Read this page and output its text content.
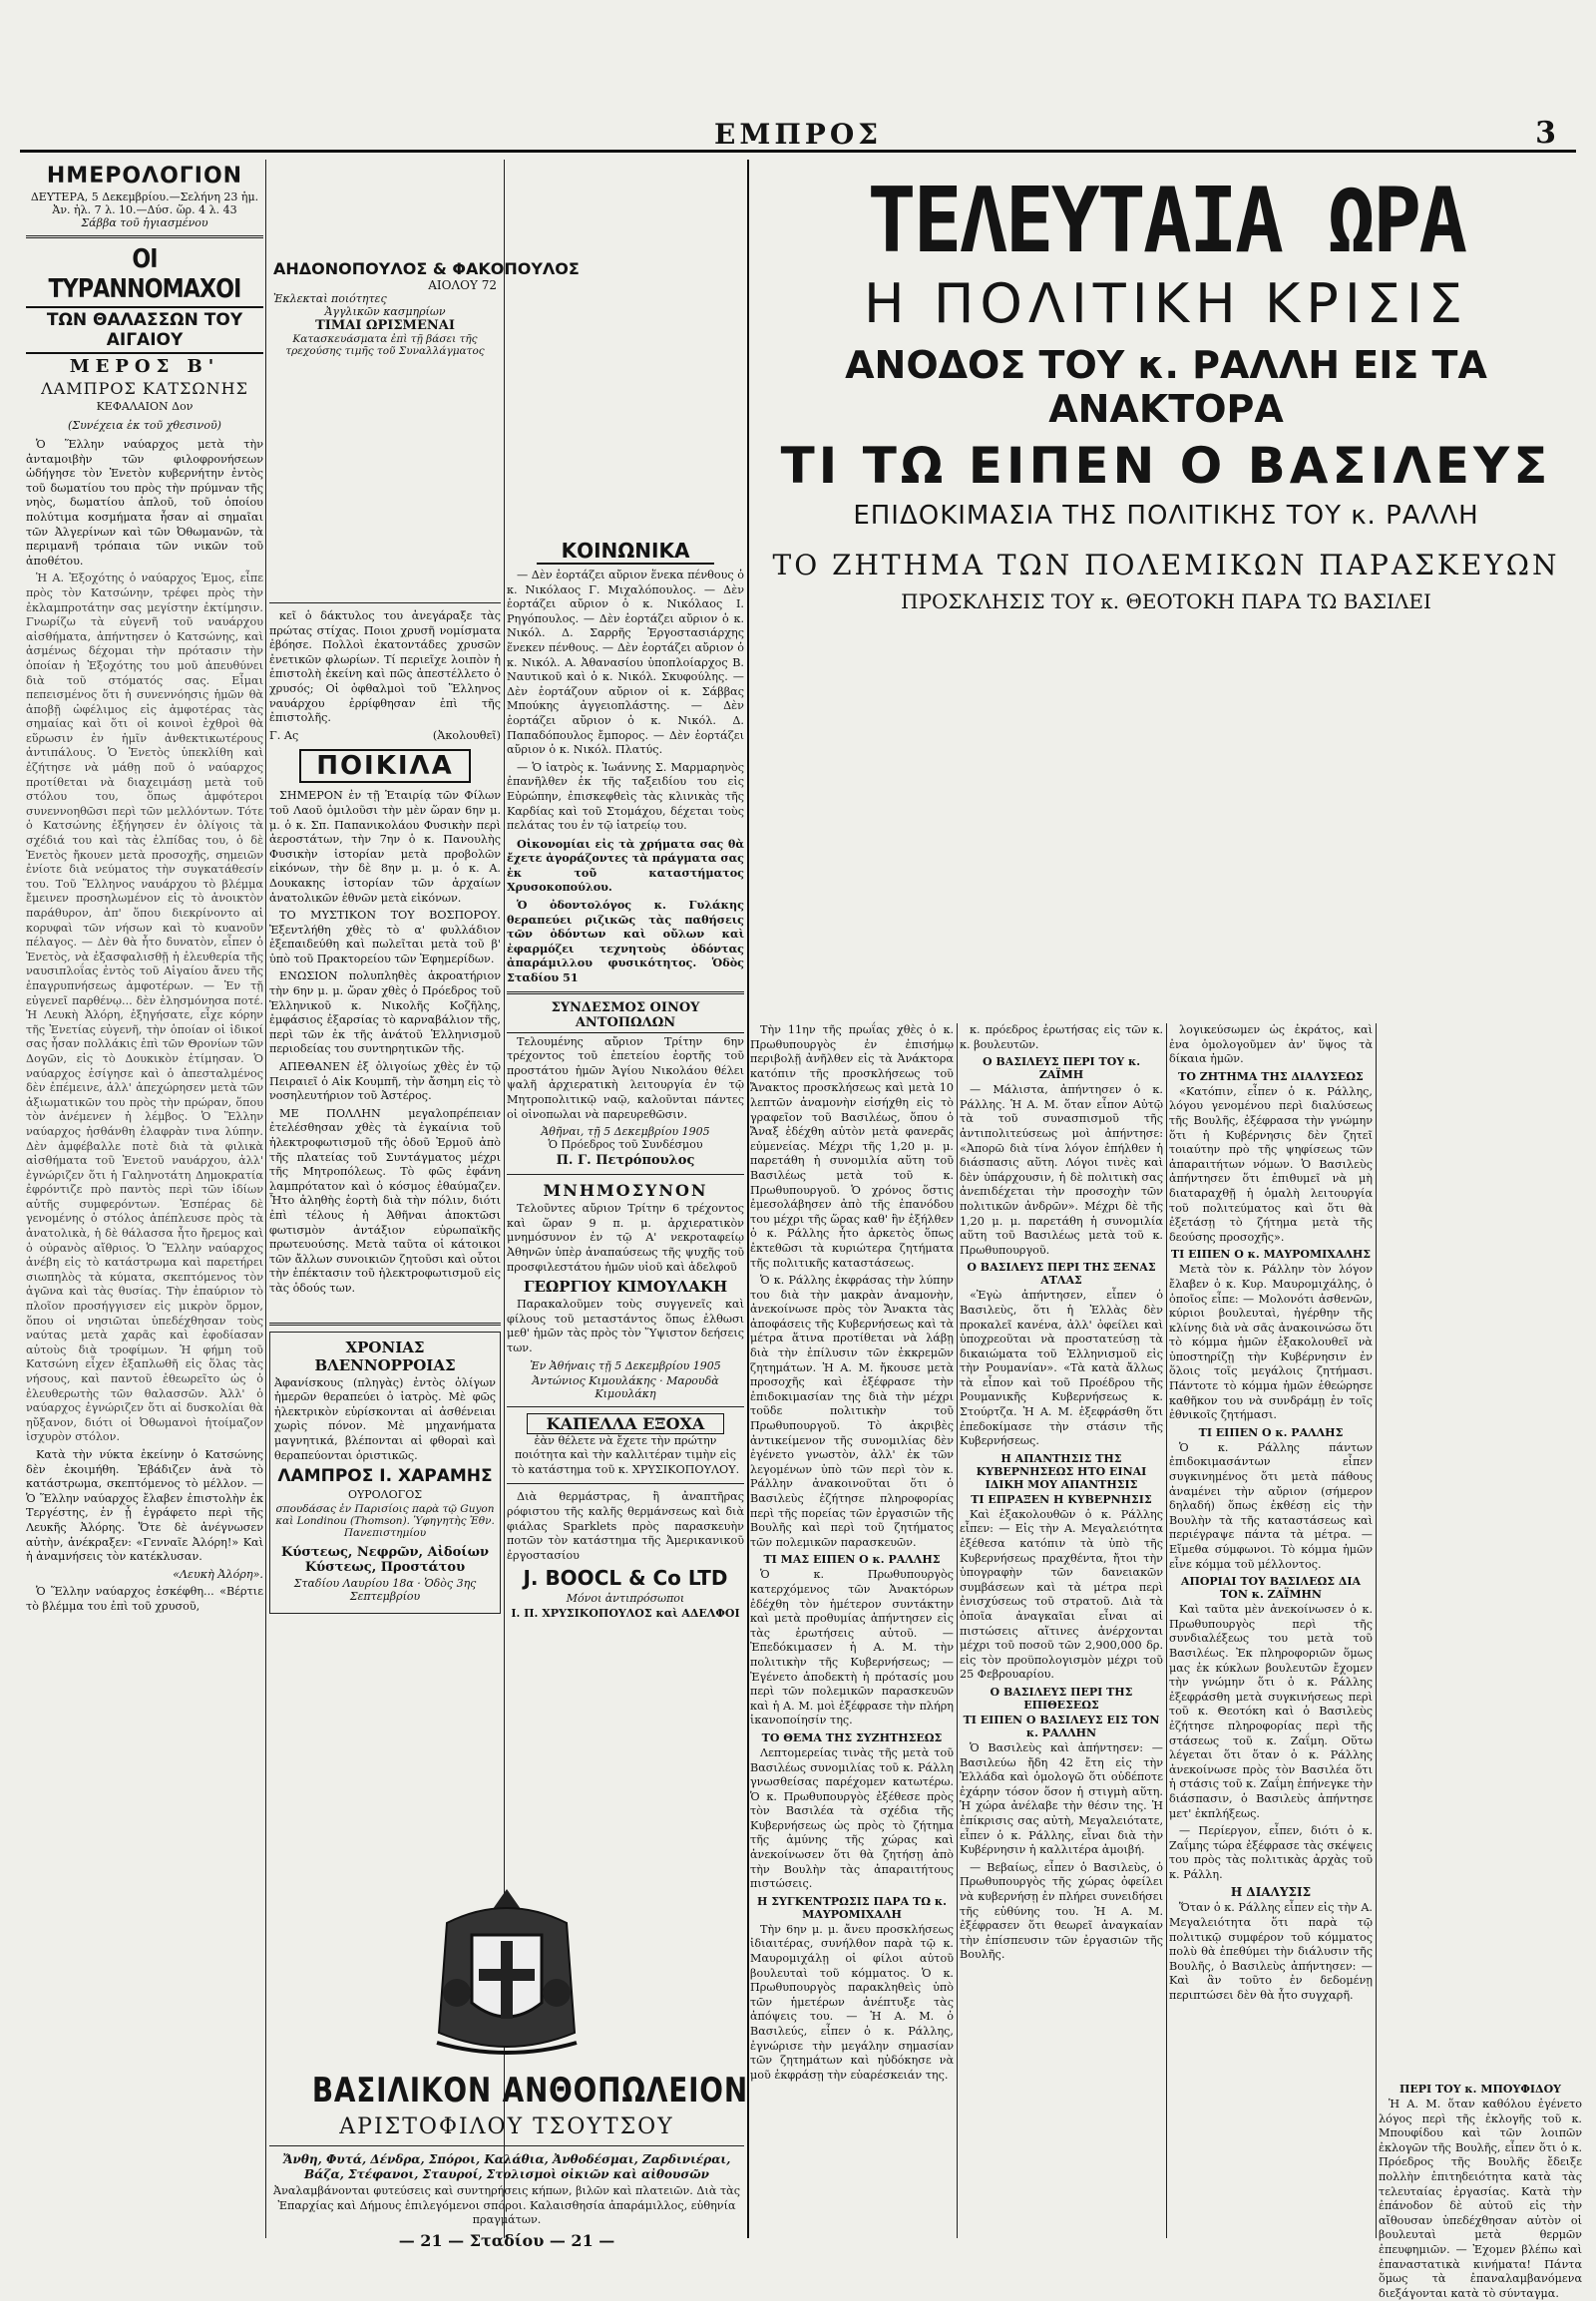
ΕΜΠΡΟΣ	3
ΗΜΕΡΟΛΟΓΙΟΝ
ΔΕΥΤΕΡΑ, 5 Δεκεμβρίου.—Σελήνη 23 ἡμ.
Ἀν. ἡλ. 7 λ. 10.—Δύσ. ὥρ. 4 λ. 43
Σάββα τοῦ ἡγιασμένου
ΟΙ ΤΥΡΑΝΝΟΜΑΧΟΙ
ΤΩΝ ΘΑΛΑΣΣΩΝ ΤΟΥ ΑΙΓΑΙΟΥ
ΜΕΡΟΣ Β'
ΛΑΜΠΡΟΣ ΚΑΤΣΩΝΗΣ
ΚΕΦΑΛΑΙΟΝ Δον
(Συνέχεια ἐκ τοῦ χθεσινοῦ)
Ὁ Ἕλλην ναύαρχος μετὰ τὴν ἀνταμοιβὴν τῶν φιλοφρονήσεων ὡδήγησε τὸν Ἑνετὸν κυβερνήτην ἐντὸς τοῦ δωματίου του πρὸς τὴν πρύμναν τῆς νηὸς, δωματίου ἁπλοῦ, τοῦ ὁποίου πολύτιμα κοσμήματα ἦσαν αἱ σημαῖαι τῶν Ἀλγερίνων καὶ τῶν Ὀθωμανῶν, τὰ περιμανῆ τρόπαια τῶν νικῶν τοῦ ἀποθέτου.
Ἡ Α. Ἐξοχότης ὁ ναύαρχος Ἐμος, εἶπε πρὸς τὸν Κατσώνην, τρέφει πρὸς τὴν ἐκλαμπροτάτην σας μεγίστην ἐκτίμησιν. Γνωρίζω τὰ εὐγενῆ τοῦ ναυάρχου αἰσθήματα, ἀπήντησεν ὁ Κατσώνης, καὶ ἀσμένως δέχομαι τὴν πρότασιν τὴν ὁποίαν ἡ Ἐξοχότης του μοῦ ἀπευθύνει διὰ τοῦ στόματός σας. Εἶμαι πεπεισμένος ὅτι ἡ συνεννόησις ἡμῶν θὰ ἀποβῇ ὠφέλιμος εἰς ἀμφοτέρας τὰς σημαίας καὶ ὅτι οἱ κοινοὶ ἐχθροὶ θὰ εὕρωσιν ἐν ἡμῖν ἀνθεκτικωτέρους ἀντιπάλους. Ὁ Ἑνετὸς ὑπεκλίθη καὶ ἐζήτησε νὰ μάθῃ ποῦ ὁ ναύαρχος προτίθεται νὰ διαχειμάσῃ μετὰ τοῦ στόλου του, ὅπως ἀμφότεροι συνεννοηθῶσι περὶ τῶν μελλόντων. Τότε ὁ Κατσώνης ἐξήγησεν ἐν ὀλίγοις τὰ σχέδιά του καὶ τὰς ἐλπίδας του, ὁ δὲ Ἑνετὸς ἤκουεν μετὰ προσοχῆς, σημειῶν ἐνίοτε διὰ νεύματος τὴν συγκατάθεσίν του. Τοῦ Ἕλληνος ναυάρχου τὸ βλέμμα ἔμεινεν προσηλωμένον εἰς τὸ ἀνοικτὸν παράθυρον, ἀπ' ὅπου διεκρίνοντο αἱ κορυφαὶ τῶν νήσων καὶ τὸ κυανοῦν πέλαγος. — Δὲν θὰ ἦτο δυνατὸν, εἶπεν ὁ Ἑνετὸς, νὰ ἐξασφαλισθῇ ἡ ἐλευθερία τῆς ναυσιπλοΐας ἐντὸς τοῦ Αἰγαίου ἄνευ τῆς ἐπαγρυπνήσεως ἀμφοτέρων. — Ἐν τῇ εὐγενεῖ παρθένῳ... δὲν ἐλησμόνησα ποτέ. Ἡ Λευκὴ Ἀλόρη, ἐξηγήσατε, εἶχε κόρην τῆς Ἑνετίας εὐγενῆ, τὴν ὁποίαν οἱ ἰδικοί σας ἦσαν πολλάκις ἐπὶ τῶν Θρονίων τῶν Δογῶν, εἰς τὸ Δουκικὸν ἐτίμησαν. Ὁ ναύαρχος ἐσίγησε καὶ ὁ ἀπεσταλμένος δὲν ἐπέμεινε, ἀλλ' ἀπεχώρησεν μετὰ τῶν ἀξιωματικῶν του πρὸς τὴν πρώραν, ὅπου τὸν ἀνέμενεν ἡ λέμβος. Ὁ Ἕλλην ναύαρχος ἠσθάνθη ἐλαφρὰν τινα λύπην. Δὲν ἀμφέβαλλε ποτὲ διὰ τὰ φιλικὰ αἰσθήματα τοῦ Ἑνετοῦ ναυάρχου, ἀλλ' ἐγνώριζεν ὅτι ἡ Γαληνοτάτη Δημοκρατία ἐφρόντιζε πρὸ παντὸς περὶ τῶν ἰδίων αὐτῆς συμφερόντων. Ἐσπέρας δὲ γενομένης ὁ στόλος ἀπέπλευσε πρὸς τὰ ἀνατολικὰ, ἡ δὲ θάλασσα ἦτο ἤρεμος καὶ ὁ οὐρανὸς αἴθριος. Ὁ Ἕλλην ναύαρχος ἀνέβη εἰς τὸ κατάστρωμα καὶ παρετήρει σιωπηλὸς τὰ κύματα, σκεπτόμενος τὸν ἀγῶνα καὶ τὰς θυσίας. Τὴν ἐπαύριον τὸ πλοῖον προσήγγισεν εἰς μικρὸν ὅρμον, ὅπου οἱ νησιῶται ὑπεδέχθησαν τοὺς ναύτας μετὰ χαρᾶς καὶ ἐφοδίασαν αὐτοὺς διὰ τροφίμων. Ἡ φήμη τοῦ Κατσώνη εἶχεν ἐξαπλωθῆ εἰς ὅλας τὰς νήσους, καὶ παντοῦ ἐθεωρεῖτο ὡς ὁ ἐλευθερωτὴς τῶν θαλασσῶν. Ἀλλ' ὁ ναύαρχος ἐγνώριζεν ὅτι αἱ δυσκολίαι θὰ ηὔξανον, διότι οἱ Ὀθωμανοὶ ἡτοίμαζον ἰσχυρὸν στόλον.
Κατὰ τὴν νύκτα ἐκείνην ὁ Κατσώνης δὲν ἐκοιμήθη. Ἐβάδιζεν ἀνὰ τὸ κατάστρωμα, σκεπτόμενος τὸ μέλλον. — Ὁ Ἕλλην ναύαρχος ἔλαβεν ἐπιστολὴν ἐκ Τεργέστης, ἐν ᾗ ἐγράφετο περὶ τῆς Λευκῆς Ἀλόρης. Ὅτε δὲ ἀνέγνωσεν αὐτὴν, ἀνέκραξεν: «Γενναῖε Ἀλόρη!» Καὶ ἡ ἀναμνήσεις τὸν κατέκλυσαν.
«Λευκὴ Ἀλόρη».
Ὁ Ἕλλην ναύαρχος ἐσκέφθη... «Βέρτιε τὸ βλέμμα του ἐπὶ τοῦ χρυσοῦ,
ΑΗΔΟΝΟΠΟΥΛΟΣ & ΦΑΚΟΠΟΥΛΟΣ
ΑΙΟΛΟΥ 72
Ἐκλεκταὶ ποιότητες
Ἀγγλικῶν κασμηρίων
ΤΙΜΑΙ ΩΡΙΣΜΕΝΑΙ
Κατασκευάσματα ἐπὶ τῇ βάσει τῆς τρεχούσης τιμῆς τοῦ Συναλλάγματος
κεῖ ὁ δάκτυλος του ἀνεγάραξε τὰς πρώτας στίχας. Ποιοι χρυσῆ νομίσματα ἐβόησε. Πολλοὶ ἐκατοντάδες χρυσῶν ἐνετικῶν φλωρίων. Τί περιεῖχε λοιπὸν ἡ ἐπιστολὴ ἐκείνη καὶ πῶς ἀπεστέλλετο ὁ χρυσός; Οἱ ὀφθαλμοὶ τοῦ Ἕλληνος ναυάρχου ἐρρίφθησαν ἐπὶ τῆς ἐπιστολῆς.
Γ. Ας	(Ἀκολουθεῖ)
ΠΟΙΚΙΛΑ
ΣΗΜΕΡΟΝ ἐν τῇ Ἑταιρίᾳ τῶν Φίλων τοῦ Λαοῦ ὁμιλοῦσι τὴν μὲν ὥραν 6ην μ. μ. ὁ κ. Σπ. Παπανικολάου Φυσικὴν περὶ ἀεροστάτων, τὴν 7ην ὁ κ. Πανουλὴς Φυσικὴν ἱστορίαν μετὰ προβολῶν εἰκόνων, τὴν δὲ 8ην μ. μ. ὁ κ. Α. Δουκακης ἱστορίαν τῶν ἀρχαίων ἀνατολικῶν ἐθνῶν μετὰ εἰκόνων.
ΤΟ ΜΥΣΤΙΚΟΝ ΤΟΥ ΒΟΣΠΟΡΟΥ. Ἐξεντλήθη χθὲς τὸ α' φυλλάδιον ἐξεπαιδεύθη καὶ πωλεῖται μετὰ τοῦ β' ὑπὸ τοῦ Πρακτορείου τῶν Ἐφημερίδων.
ΕΝΩΣΙΟΝ πολυπληθὲς ἀκροατήριον τὴν 6ην μ. μ. ὥραν χθὲς ὁ Πρόεδρος τοῦ Ἑλληνικοῦ κ. Νικολῆς Κοζῆλης, ἐμφάσιος ἐξαρσίας τὸ καρναβάλιον τῆς, περὶ τῶν ἐκ τῆς ἀνάτοῦ Ἑλληνισμοῦ περιοδείας του συντηρητικῶν τῆς.
ΑΠΕΘΑΝΕΝ ἐξ ὀλιγοίως χθὲς ἐν τῷ Πειραιεῖ ὁ Αἰκ Κουμπῆ, τὴν ἄσημη εἰς τὸ νοσηλευτήριον τοῦ Ἀστέρος.
ΜΕ ΠΟΛΛΗΝ μεγαλοπρέπειαν ἐτελέσθησαν χθὲς τὰ ἐγκαίνια τοῦ ἠλεκτροφωτισμοῦ τῆς ὁδοῦ Ἑρμοῦ ἀπὸ τῆς πλατείας τοῦ Συντάγματος μέχρι τῆς Μητροπόλεως. Τὸ φῶς ἐφάνη λαμπρότατον καὶ ὁ κόσμος ἐθαύμαζεν. Ἦτο ἀληθὴς ἑορτὴ διὰ τὴν πόλιν, διότι ἐπὶ τέλους ἡ Ἀθῆναι ἀποκτῶσι φωτισμὸν ἀντάξιον εὐρωπαϊκῆς πρωτευούσης. Μετὰ ταῦτα οἱ κάτοικοι τῶν ἄλλων συνοικιῶν ζητοῦσι καὶ οὗτοι τὴν ἐπέκτασιν τοῦ ἠλεκτροφωτισμοῦ εἰς τὰς ὁδούς των.
ΧΡΟΝΙΑΣ ΒΛΕΝΝΟΡΡΟΙΑΣ
Ἀφανίσκους (πληγὰς) ἐντὸς ὀλίγων ἡμερῶν θεραπεύει ὁ ἰατρὸς. Μὲ φῶς ἠλεκτρικὸν εὑρίσκονται αἱ ἀσθένειαι χωρὶς πόνον. Μὲ μηχανήματα μαγνητικά, βλέπονται αἱ φθοραὶ καὶ θεραπεύονται ὁριστικῶς.
ΛΑΜΠΡΟΣ Ι. ΧΑΡΑΜΗΣ
ΟΥΡΟΛΟΓΟΣ
σπουδάσας ἐν Παρισίοις παρὰ τῷ Guyon καὶ Londinou (Thomson). Ὑφηγητὴς Ἐθν. Πανεπιστημίου
Κύστεως, Νεφρῶν, Αἰδοίων Κύστεως, Προστάτου
Σταδίου Λαυρίου 18α · Ὁδὸς 3ης Σεπτεμβρίου
ΚΟΙΝΩΝΙΚΑ
— Δὲν ἑορτάζει αὔριον ἕνεκα πένθους ὁ κ. Νικόλαος Γ. Μιχαλόπουλος. — Δὲν ἑορτάζει αὔριον ὁ κ. Νικόλαος Ι. Ρηγόπουλος. — Δὲν ἑορτάζει αὔριον ὁ κ. Νικόλ. Δ. Σαρρῆς Ἐργοστασιάρχης ἕνεκεν πένθους. — Δὲν ἑορτάζει αὔριον ὁ κ. Νικόλ. Α. Ἀθανασίου ὑποπλοίαρχος Β. Ναυτικοῦ καὶ ὁ κ. Νικόλ. Σκυφούλης. — Δὲν ἑορτάζουν αὔριον οἱ κ. Σάββας Μπούκης ἀγγειοπλάστης. — Δὲν ἑορτάζει αὔριον ὁ κ. Νικόλ. Δ. Παπαδόπουλος ἔμπορος. — Δὲν ἑορτάζει αὔριον ὁ κ. Νικόλ. Πλατύς.
— Ὁ ἰατρὸς κ. Ἰωάννης Σ. Μαρμαρηνὸς ἐπανῆλθεν ἐκ τῆς ταξειδίου του εἰς Εὐρώπην, ἐπισκεφθεὶς τὰς κλινικὰς τῆς Καρδίας καὶ τοῦ Στομάχου, δέχεται τοὺς πελάτας του ἐν τῷ ἰατρείῳ του.
Οἰκονομίαι εἰς τὰ χρήματα σας θὰ ἔχετε ἀγοράζοντες τὰ πράγματα σας ἐκ τοῦ καταστήματος Χρυσοκοπούλου.
Ὁ ὀδοντολόγος κ. Γυλάκης θεραπεύει ριζικῶς τὰς παθήσεις τῶν ὀδόντων καὶ οὔλων καὶ ἐφαρμόζει τεχνητοὺς ὀδόντας ἀπαράμιλλου φυσικότητος. Ὁδὸς Σταδίου 51
ΣΥΝΔΕΣΜΟΣ ΟΙΝΟΥ ΑΝΤΟΠΩΛΩΝ
Τελουμένης αὔριον Τρίτην 6ην τρέχοντος τοῦ ἐπετείου ἑορτῆς τοῦ προστάτου ἡμῶν Ἁγίου Νικολάου θέλει ψαλῆ ἀρχιερατικὴ λειτουργία ἐν τῷ Μητροπολιτικῷ ναῷ, καλοῦνται πάντες οἱ οἰνοπωλαι νὰ παρευρεθῶσιν.
Ἀθῆναι, τῇ 5 Δεκεμβρίου 1905
Ὁ Πρόεδρος τοῦ Συνδέσμου
Π. Γ. Πετρόπουλος
ΜΝΗΜΟΣΥΝΟΝ
Τελοῦντες αὔριον Τρίτην 6 τρέχοντος καὶ ὥραν 9 π. μ. ἀρχιερατικὸν μνημόσυνον ἐν τῷ Α' νεκροταφείῳ Ἀθηνῶν ὑπὲρ ἀναπαύσεως τῆς ψυχῆς τοῦ προσφιλεστάτου ἡμῶν υἱοῦ καὶ ἀδελφοῦ
ΓΕΩΡΓΙΟΥ ΚΙΜΟΥΛΑΚΗ
Παρακαλοῦμεν τοὺς συγγενεῖς καὶ φίλους τοῦ μεταστάντος ὅπως ἐλθωσι μεθ' ἡμῶν τὰς πρὸς τὸν Ὕψιστον δεήσεις των.
Ἐν Ἀθήναις τῇ 5 Δεκεμβρίου 1905
Ἀντώνιος Κιμουλάκης · Μαρουδὰ Κιμουλάκη
ΚΑΠΕΛΛΑ ΕΞΟΧΑ
ἐὰν θέλετε νὰ ἔχετε τὴν πρώτην ποιότητα καὶ τὴν καλλιτέραν τιμὴν εἰς τὸ κατάστημα τοῦ κ. ΧΡΥΣΙΚΟΠΟΥΛΟΥ.
Διὰ θερμάστρας, ἢ ἀναπτῆρας ρόφιστου τῆς καλῆς θερμάνσεως καὶ διὰ φιάλας Sparklets πρὸς παρασκευὴν ποτῶν τὸν κατάστημα τῆς Ἀμερικανικοῦ ἐργοστασίου
J. BOOCL & Co LTD
Μόνοι ἀντιπρόσωποι
Ι. Π. ΧΡΥΣΙΚΟΠΟΥΛΟΣ καὶ ΑΔΕΛΦΟΙ
ΒΑΣΙΛΙΚΟΝ ΑΝΘΟΠΩΛΕΙΟΝ
ΑΡΙΣΤΟΦΙΛΟΥ ΤΣΟΥΤΣΟΥ
Ἄνθη, Φυτά, Δένδρα, Σπόροι, Καλάθια, Ἀνθοδέσμαι, Ζαρδινιέραι, Βάζα, Στέφανοι, Σταυροί, Στολισμοὶ οἰκιῶν καὶ αἰθουσῶν
Ἀναλαμβάνονται φυτεύσεις καὶ συντηρήσεις κήπων, βιλῶν καὶ πλατειῶν. Διὰ τὰς Ἐπαρχίας καὶ Δήμους ἐπιλεγόμενοι σπόροι. Καλαισθησία ἀπαράμιλλος, εὐθηνία πραγμάτων.
— 21 — Σταδίου — 21 —
ΤΕΛΕΥΤΑΙΑ ΩΡΑ
Η ΠΟΛΙΤΙΚΗ ΚΡΙΣΙΣ
ΑΝΟΔΟΣ ΤΟΥ κ. ΡΑΛΛΗ ΕΙΣ ΤΑ ΑΝΑΚΤΟΡΑ
ΤΙ ΤΩ ΕΙΠΕΝ Ο ΒΑΣΙΛΕΥΣ
ΕΠΙΔΟΚΙΜΑΣΙΑ ΤΗΣ ΠΟΛΙΤΙΚΗΣ ΤΟΥ κ. ΡΑΛΛΗ
ΤΟ ΖΗΤΗΜΑ ΤΩΝ ΠΟΛΕΜΙΚΩΝ ΠΑΡΑΣΚΕΥΩΝ
ΠΡΟΣΚΛΗΣΙΣ ΤΟΥ κ. ΘΕΟΤΟΚΗ ΠΑΡΑ ΤΩ ΒΑΣΙΛΕΙ
Τὴν 11ην τῆς πρωΐας χθὲς ὁ κ. Πρωθυπουργὸς ἐν ἐπισήμῳ περιβολῇ ἀνῆλθεν εἰς τὰ Ἀνάκτορα κατόπιν τῆς προσκλήσεως τοῦ Ἄνακτος προσκλήσεως καὶ μετὰ 10 λεπτῶν ἀναμονὴν εἰσήχθη εἰς τὸ γραφεῖον τοῦ Βασιλέως, ὅπου ὁ Ἄναξ ἐδέχθη αὐτὸν μετὰ φανερᾶς εὐμενείας. Μέχρι τῆς 1,20 μ. μ. παρετάθη ἡ συνομιλία αὕτη τοῦ Βασιλέως μετὰ τοῦ κ. Πρωθυπουργοῦ. Ὁ χρόνος ὅστις ἐμεσολάβησεν ἀπὸ τῆς ἐπανόδου του μέχρι τῆς ὥρας καθ' ἣν ἐξήλθεν ὁ κ. Ράλλης ἦτο ἀρκετὸς ὅπως ἐκτεθῶσι τὰ κυριώτερα ζητήματα τῆς πολιτικῆς καταστάσεως.
Ὁ κ. Ράλλης ἐκφράσας τὴν λύπην του διὰ τὴν μακρὰν ἀναμονὴν, ἀνεκοίνωσε πρὸς τὸν Ἄνακτα τὰς ἀποφάσεις τῆς Κυβερνήσεως καὶ τὰ μέτρα ἅτινα προτίθεται νὰ λάβῃ διὰ τὴν ἐπίλυσιν τῶν ἐκκρεμῶν ζητημάτων. Ἡ Α. Μ. ἤκουσε μετὰ προσοχῆς καὶ ἐξέφρασε τὴν ἐπιδοκιμασίαν της διὰ τὴν μέχρι τοῦδε πολιτικὴν τοῦ Πρωθυπουργοῦ. Τὸ ἀκριβὲς ἀντικείμενον τῆς συνομιλίας δὲν ἐγένετο γνωστὸν, ἀλλ' ἐκ τῶν λεγομένων ὑπὸ τῶν περὶ τὸν κ. Ράλλην ἀνακοινοῦται ὅτι ὁ Βασιλεὺς ἐζήτησε πληροφορίας περὶ τῆς πορείας τῶν ἐργασιῶν τῆς Βουλῆς καὶ περὶ τοῦ ζητήματος τῶν πολεμικῶν παρασκευῶν.
ΤΙ ΜΑΣ ΕΙΠΕΝ Ο κ. ΡΑΛΛΗΣ
Ὁ κ. Πρωθυπουργὸς κατερχόμενος τῶν Ἀνακτόρων ἐδέχθη τὸν ἡμέτερον συντάκτην καὶ μετὰ προθυμίας ἀπήντησεν εἰς τὰς ἐρωτήσεις αὐτοῦ. — Ἐπεδόκιμασεν ἡ Α. Μ. τὴν πολιτικὴν τῆς Κυβερνήσεως; — Ἐγένετο ἀποδεκτὴ ἡ πρότασίς μου περὶ τῶν πολεμικῶν παρασκευῶν καὶ ἡ Α. Μ. μοὶ ἐξέφρασε τὴν πλήρη ἱκανοποίησίν της.
ΤΟ ΘΕΜΑ ΤΗΣ ΣΥΖΗΤΗΣΕΩΣ
Λεπτομερείας τινὰς τῆς μετὰ τοῦ Βασιλέως συνομιλίας τοῦ κ. Ράλλη γνωσθείσας παρέχομεν κατωτέρω. Ὁ κ. Πρωθυπουργὸς ἐξέθεσε πρὸς τὸν Βασιλέα τὰ σχέδια τῆς Κυβερνήσεως ὡς πρὸς τὸ ζήτημα τῆς ἀμύνης τῆς χώρας καὶ ἀνεκοίνωσεν ὅτι θὰ ζητήσῃ ἀπὸ τὴν Βουλὴν τὰς ἀπαραιτήτους πιστώσεις.
Η ΣΥΓΚΕΝΤΡΩΣΙΣ ΠΑΡΑ ΤΩ κ. ΜΑΥΡΟΜΙΧΑΛΗ
Τὴν 6ην μ. μ. ἄνευ προσκλήσεως ἰδιαιτέρας, συνήλθον παρὰ τῷ κ. Μαυρομιχάλῃ οἱ φίλοι αὐτοῦ βουλευταὶ τοῦ κόμματος. Ὁ κ. Πρωθυπουργὸς παρακληθεὶς ὑπὸ τῶν ἡμετέρων ἀνέπτυξε τὰς ἀπόψεις του. — Ἡ Α. Μ. ὁ Βασιλεύς, εἶπεν ὁ κ. Ράλλης, ἐγνώρισε τὴν μεγάλην σημασίαν τῶν ζητημάτων καὶ ηὐδόκησε νὰ μοῦ ἐκφράσῃ τὴν εὐαρέσκειάν της.
κ. πρόεδρος ἐρωτήσας εἰς τῶν κ. κ. βουλευτῶν.
Ο ΒΑΣΙΛΕΥΣ ΠΕΡΙ ΤΟΥ κ. ΖΑΪΜΗ
— Μάλιστα, ἀπήντησεν ὁ κ. Ράλλης. Ἡ Α. Μ. ὅταν εἶπον Αὐτῷ τὰ τοῦ συνασπισμοῦ τῆς ἀντιπολιτεύσεως μοὶ ἀπήντησε: «Ἀπορῶ διὰ τίνα λόγον ἐπήλθεν ἡ διάσπασις αὕτη. Λόγοι τινὲς καὶ δὲν ὑπάρχουσιν, ἡ δὲ πολιτικὴ σας ἀνεπιδέχεται τὴν προσοχὴν τῶν πολιτικῶν ἀνδρῶν». Μέχρι δὲ τῆς 1,20 μ. μ. παρετάθη ἡ συνομιλία αὕτη τοῦ Βασιλέως μετὰ τοῦ κ. Πρωθυπουργοῦ.
Ο ΒΑΣΙΛΕΥΣ ΠΕΡΙ ΤΗΣ ΞΕΝΑΣ ΑΤΛΑΣ
«Ἐγὼ ἀπήντησεν, εἶπεν ὁ Βασιλεὺς, ὅτι ἡ Ἑλλὰς δὲν προκαλεῖ κανένα, ἀλλ' ὀφείλει καὶ ὑποχρεοῦται νὰ προστατεύσῃ τὰ δικαιώματα τοῦ Ἑλληνισμοῦ εἰς τὴν Ρουμανίαν». «Τὰ κατὰ ἄλλως τὰ εἶπον καὶ τοῦ Προέδρου τῆς Ρουμανικῆς Κυβερνήσεως κ. Στούρτζα. Ἡ Α. Μ. ἐξεφράσθη ὅτι ἐπεδοκίμασε τὴν στάσιν τῆς Κυβερνήσεως.
Η ΑΠΑΝΤΗΣΙΣ ΤΗΣ ΚΥΒΕΡΝΗΣΕΩΣ ΗΤΟ ΕΙΝΑΙ ΙΔΙΚΗ ΜΟΥ ΑΠΑΝΤΗΣΙΣ
ΤΙ ΕΠΡΑΞΕΝ Η ΚΥΒΕΡΝΗΣΙΣ
Καὶ ἐξακολουθῶν ὁ κ. Ράλλης εἶπεν: — Εἰς τὴν Α. Μεγαλειότητα ἐξέθεσα κατόπιν τὰ ὑπὸ τῆς Κυβερνήσεως πραχθέντα, ἤτοι τὴν ὑπογραφὴν τῶν δανειακῶν συμβάσεων καὶ τὰ μέτρα περὶ ἐνισχύσεως τοῦ στρατοῦ. Διὰ τὰ ὁποῖα ἀναγκαῖαι εἶναι αἱ πιστώσεις αἵτινες ἀνέρχονται μέχρι τοῦ ποσοῦ τῶν 2,900,000 δρ. εἰς τὸν προϋπολογισμὸν μέχρι τοῦ 25 Φεβρουαρίου.
Ο ΒΑΣΙΛΕΥΣ ΠΕΡΙ ΤΗΣ ΕΠΙΘΕΣΕΩΣ
ΤΙ ΕΙΠΕΝ Ο ΒΑΣΙΛΕΥΣ ΕΙΣ ΤΟΝ κ. ΡΑΛΛΗΝ
Ὁ Βασιλεὺς καὶ ἀπήντησεν: — Βασιλεύω ἤδη 42 ἔτη εἰς τὴν Ἑλλάδα καὶ ὁμολογῶ ὅτι οὐδέποτε ἐχάρην τόσον ὅσον ἡ στιγμὴ αὕτη. Ἡ χώρα ἀνέλαβε τὴν θέσιν της. Ἡ ἐπίκρισις σας αὐτὴ, Μεγαλειότατε, εἶπεν ὁ κ. Ράλλης, εἶναι διὰ τὴν Κυβέρνησιν ἡ καλλιτέρα ἀμοιβή.
— Βεβαίως, εἶπεν ὁ Βασιλεὺς, ὁ Πρωθυπουργὸς τῆς χώρας ὀφείλει νὰ κυβερνήσῃ ἐν πλήρει συνειδήσει τῆς εὐθύνης του. Ἡ Α. Μ. ἐξέφρασεν ὅτι θεωρεῖ ἀναγκαίαν τὴν ἐπίσπευσιν τῶν ἐργασιῶν τῆς Βουλῆς.
λογικεύσωμεν ὡς ἐκράτος, καὶ ἐνα ὁμολογοῦμεν ἀν' ὕψος τὰ δίκαια ἡμῶν.
ΤΟ ΖΗΤΗΜΑ ΤΗΣ ΔΙΑΛΥΣΕΩΣ
«Κατόπιν, εἶπεν ὁ κ. Ράλλης, λόγου γενομένου περὶ διαλύσεως τῆς Βουλῆς, ἐξέφρασα τὴν γνώμην ὅτι ἡ Κυβέρνησις δὲν ζητεῖ τοιαύτην πρὸ τῆς ψηφίσεως τῶν ἀπαραιτήτων νόμων. Ὁ Βασιλεὺς ἀπήντησεν ὅτι ἐπιθυμεῖ νὰ μὴ διαταραχθῇ ἡ ὁμαλὴ λειτουργία τοῦ πολιτεύματος καὶ ὅτι θὰ ἐξετάσῃ τὸ ζήτημα μετὰ τῆς δεούσης προσοχῆς».
ΤΙ ΕΙΠΕΝ Ο κ. ΜΑΥΡΟΜΙΧΑΛΗΣ
Μετὰ τὸν κ. Ράλλην τὸν λόγον ἔλαβεν ὁ κ. Κυρ. Μαυρομιχάλης, ὁ ὁποῖος εἶπε: — Μολονότι ἀσθενῶν, κύριοι βουλευταὶ, ἠγέρθην τῆς κλίνης διὰ νὰ σᾶς ἀνακοινώσω ὅτι τὸ κόμμα ἡμῶν ἐξακολουθεῖ νὰ ὑποστηρίζῃ τὴν Κυβέρνησιν ἐν ὅλοις τοῖς μεγάλοις ζητήμασι. Πάντοτε τὸ κόμμα ἡμῶν ἐθεώρησε καθῆκον του νὰ συνδράμῃ ἐν τοῖς ἐθνικοῖς ζητήμασι.
ΤΙ ΕΙΠΕΝ Ο κ. ΡΑΛΛΗΣ
Ὁ κ. Ράλλης πάντων ἐπιδοκιμασάντων εἶπεν συγκινημένος ὅτι μετὰ πάθους ἀναμένει τὴν αὔριον (σήμερον δηλαδή) ὅπως ἐκθέσῃ εἰς τὴν Βουλὴν τὰ τῆς καταστάσεως καὶ περιέγραψε πάντα τὰ μέτρα. — Εἴμεθα σύμφωνοι. Τὸ κόμμα ἡμῶν εἶνε κόμμα τοῦ μέλλοντος.
ΑΠΟΡΙΑΙ ΤΟΥ ΒΑΣΙΛΕΩΣ ΔΙΑ ΤΟΝ κ. ΖΑΪΜΗΝ
Καὶ ταῦτα μὲν ἀνεκοίνωσεν ὁ κ. Πρωθυπουργὸς περὶ τῆς συνδιαλέξεως του μετὰ τοῦ Βασιλέως. Ἐκ πληροφοριῶν ὅμως μας ἐκ κύκλων βουλευτῶν ἔχομεν τὴν γνώμην ὅτι ὁ κ. Ράλλης ἐξεφράσθη μετὰ συγκινήσεως περὶ τοῦ κ. Θεοτόκη καὶ ὁ Βασιλεὺς ἐζήτησε πληροφορίας περὶ τῆς στάσεως τοῦ κ. Ζαΐμη. Οὕτω λέγεται ὅτι ὅταν ὁ κ. Ράλλης ἀνεκοίνωσε πρὸς τὸν Βασιλέα ὅτι ἡ στάσις τοῦ κ. Ζαΐμη ἐπήνεγκε τὴν διάσπασιν, ὁ Βασιλεὺς ἀπήντησε μετ' ἐκπλήξεως.
— Περίεργον, εἶπεν, διότι ὁ κ. Ζαΐμης τώρα ἐξέφρασε τὰς σκέψεις του πρὸς τὰς πολιτικὰς ἀρχὰς τοῦ κ. Ράλλη.
Η ΔΙΑΛΥΣΙΣ
Ὅταν ὁ κ. Ράλλης εἶπεν εἰς τὴν Α. Μεγαλειότητα ὅτι παρὰ τῷ πολιτικῷ συμφέρον τοῦ κόμματος πολὺ θὰ ἐπεθύμει τὴν διάλυσιν τῆς Βουλῆς, ὁ Βασιλεὺς ἀπήντησεν: — Καὶ ἂν τοῦτο ἐν δεδομένῃ περιπτώσει δὲν θὰ ἦτο συγχαρῆ.
ΠΕΡΙ ΤΟΥ κ. ΜΠΟΥΦΙΔΟΥ
Ἡ Α. Μ. ὅταν καθόλου ἐγένετο λόγος περὶ τῆς ἐκλογῆς τοῦ κ. Μπουφίδου καὶ τῶν λοιπῶν ἐκλογῶν τῆς Βουλῆς, εἶπεν ὅτι ὁ κ. Πρόεδρος τῆς Βουλῆς ἔδειξε πολλὴν ἐπιτηδειότητα κατὰ τὰς τελευταίας ἐργασίας. Κατὰ τὴν ἐπάνοδον δὲ αὐτοῦ εἰς τὴν αἴθουσαν ὑπεδέχθησαν αὐτὸν οἱ βουλευταὶ μετὰ θερμῶν ἐπευφημιῶν. — Ἐχομεν βλέπω καὶ ἐπαναστατικὰ κινήματα! Πάντα ὅμως τὰ ἐπαναλαμβανόμενα διεξάγονται κατὰ τὸ σύνταγμα.
